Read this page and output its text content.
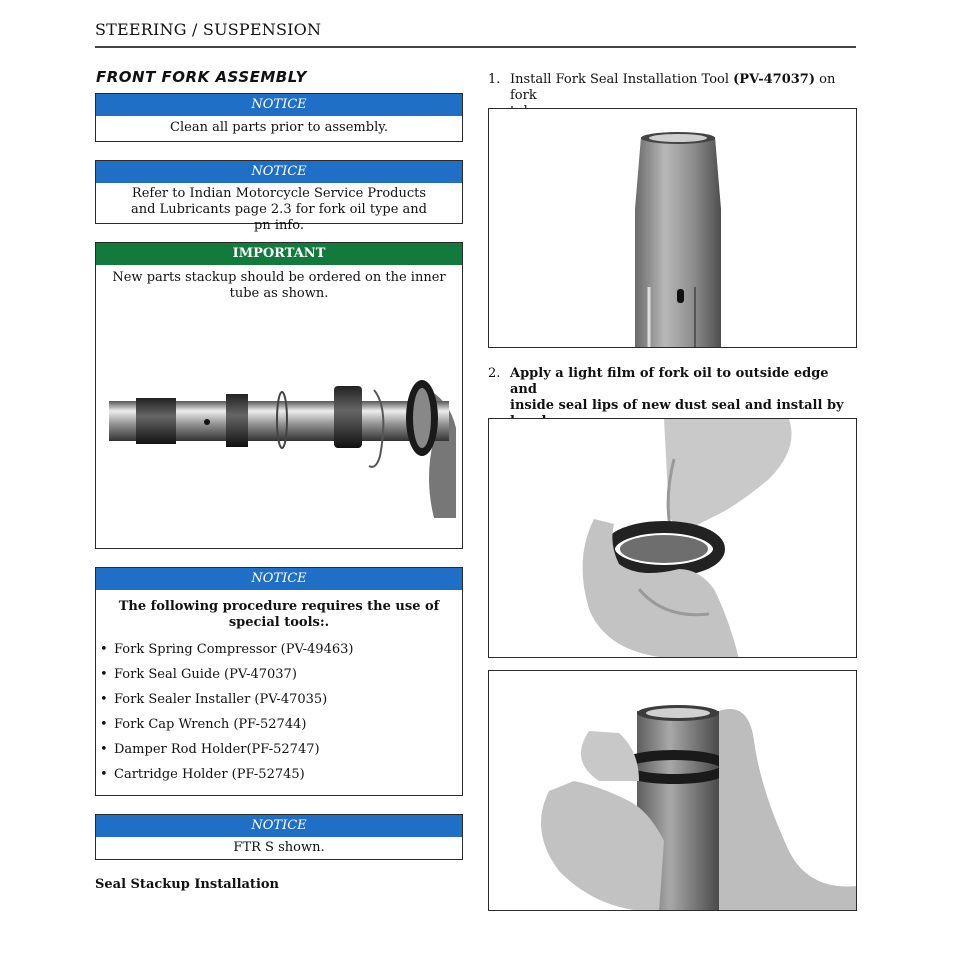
STEERING / SUSPENSION
FRONT FORK ASSEMBLY
NOTICE
Clean all parts prior to assembly.
NOTICE
Refer to Indian Motorcycle Service Products and Lubricants page 2.3 for fork oil type and pn info.
IMPORTANT
New parts stackup should be ordered on the inner tube as shown.
NOTICE
The following procedure requires the use of special tools:.
• Fork Spring Compressor (PV-49463)
• Fork Seal Guide (PV-47037)
• Fork Sealer Installer (PV-47035)
• Fork Cap Wrench (PF-52744)
• Damper Rod Holder(PF-52747)
• Cartridge Holder (PF-52745)
NOTICE
FTR S shown.
Seal Stackup Installation
1. Install Fork Seal Installation Tool (PV-47037) on fork

2. Apply a light film of fork oil to outside edge and
inside seal lips of new dust seal and install by
